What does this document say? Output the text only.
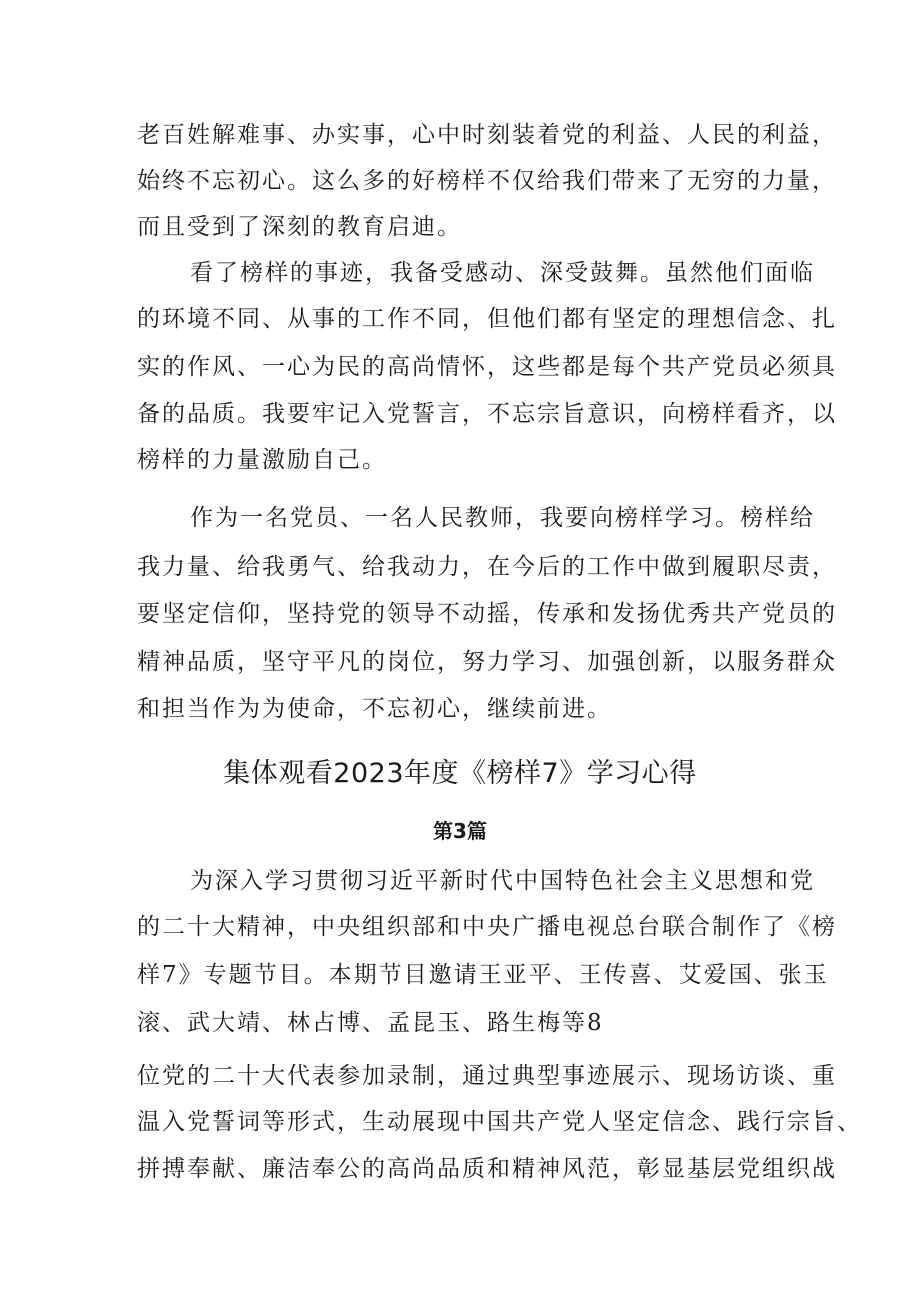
老百姓解难事、办实事，心中时刻装着党的利益、人民的利益，
始终不忘初心。这么多的好榜样不仅给我们带来了无穷的力量，
而且受到了深刻的教育启迪。
看了榜样的事迹，我备受感动、深受鼓舞。虽然他们面临
的环境不同、从事的工作不同，但他们都有坚定的理想信念、扎
实的作风、一心为民的高尚情怀，这些都是每个共产党员必须具
备的品质。我要牢记入党誓言，不忘宗旨意识，向榜样看齐，以
榜样的力量激励自己。
作为一名党员、一名人民教师，我要向榜样学习。榜样给
我力量、给我勇气、给我动力，在今后的工作中做到履职尽责，
要坚定信仰，坚持党的领导不动摇，传承和发扬优秀共产党员的
精神品质，坚守平凡的岗位，努力学习、加强创新，以服务群众
和担当作为为使命，不忘初心，继续前进。
集体观看2023年度《榜样7》学习心得
第3篇
为深入学习贯彻习近平新时代中国特色社会主义思想和党
的二十大精神，中央组织部和中央广播电视总台联合制作了《榜
样7》专题节目。本期节目邀请王亚平、王传喜、艾爱国、张玉
滚、武大靖、林占博、孟昆玉、路生梅等8
位党的二十大代表参加录制，通过典型事迹展示、现场访谈、重
温入党誓词等形式，生动展现中国共产党人坚定信念、践行宗旨、
拼搏奉献、廉洁奉公的高尚品质和精神风范，彰显基层党组织战
